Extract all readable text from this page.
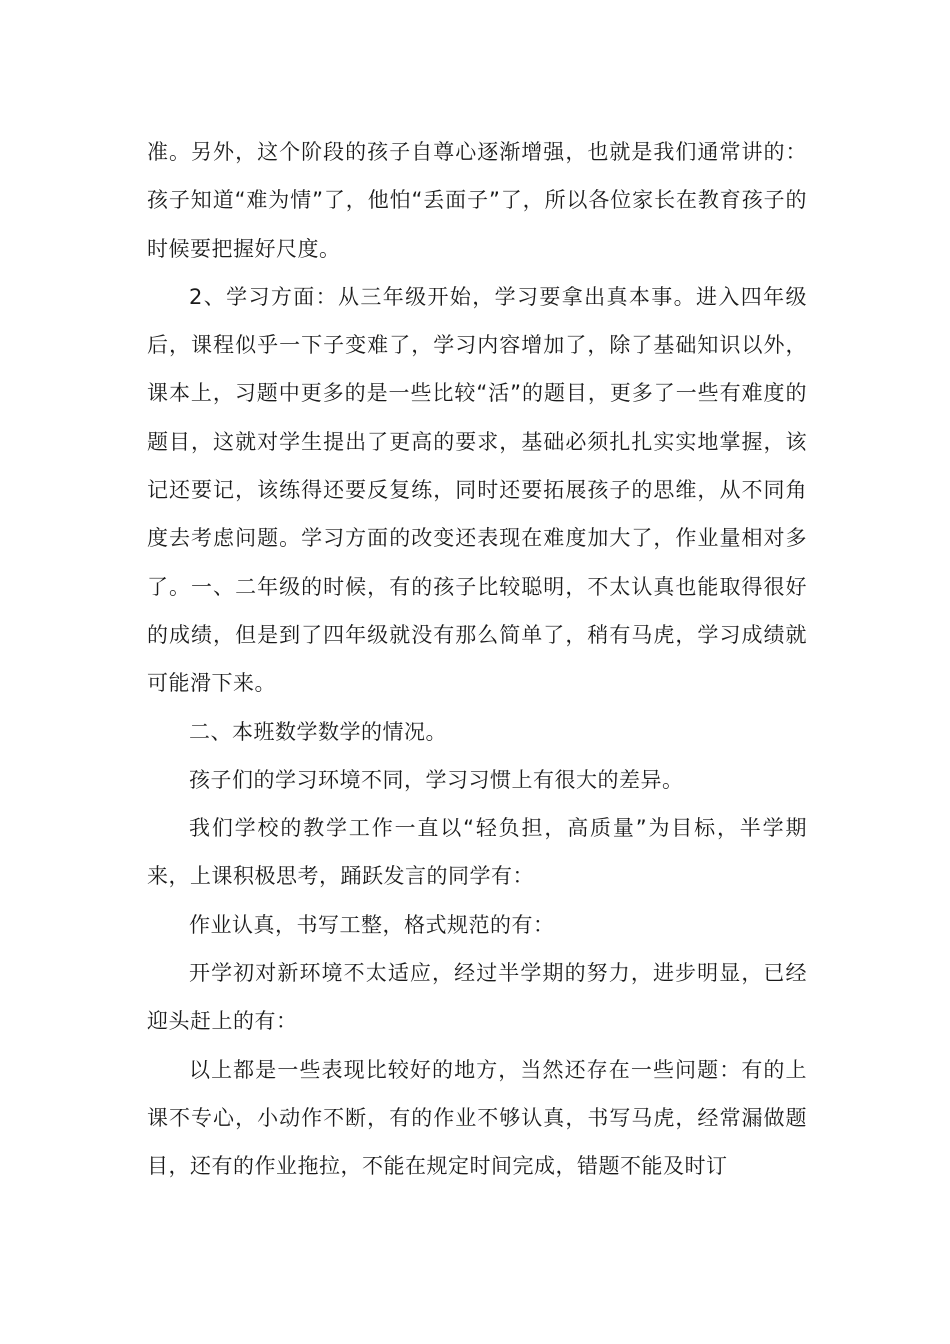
准。另外，这个阶段的孩子自尊心逐渐增强，也就是我们通常讲的：孩子知道“难为情”了，他怕“丢面子”了，所以各位家长在教育孩子的时候要把握好尺度。

2、学习方面：从三年级开始，学习要拿出真本事。进入四年级后，课程似乎一下子变难了，学习内容增加了，除了基础知识以外，课本上，习题中更多的是一些比较“活”的题目，更多了一些有难度的题目，这就对学生提出了更高的要求，基础必须扎扎实实地掌握，该记还要记，该练得还要反复练，同时还要拓展孩子的思维，从不同角度去考虑问题。学习方面的改变还表现在难度加大了，作业量相对多了。一、二年级的时候，有的孩子比较聪明，不太认真也能取得很好的成绩，但是到了四年级就没有那么简单了，稍有马虎，学习成绩就可能滑下来。

二、本班数学数学的情况。

孩子们的学习环境不同，学习习惯上有很大的差异。

我们学校的教学工作一直以“轻负担，高质量”为目标，半学期来，上课积极思考，踊跃发言的同学有：

作业认真，书写工整，格式规范的有：

开学初对新环境不太适应，经过半学期的努力，进步明显，已经迎头赶上的有：

以上都是一些表现比较好的地方，当然还存在一些问题：有的上课不专心，小动作不断，有的作业不够认真，书写马虎，经常漏做题目，还有的作业拖拉，不能在规定时间完成，错题不能及时订
